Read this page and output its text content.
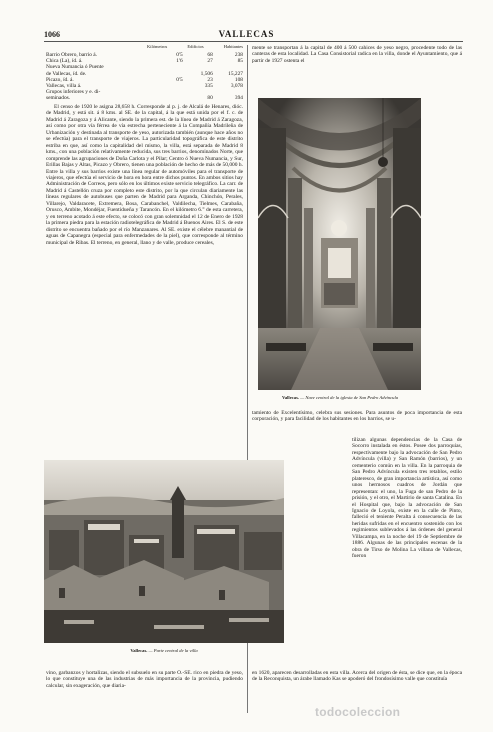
1066	VALLECAS
Kilómetros	Edificios	Habitantes
Barrio Obrero, barrio á.	0'5	68	238
Chica (La), íd. á.	1'6	27	85
Nueva Numancia ó Puente			
de Vallecas, íd. de.		1,506	15,227
Picazo, íd. á.	0'5	23	108
Vallecas, villa á.		335	3,078
Grupos inferiores y e. di-			
seminados.		80	394

El censo de 1920 le asigna 28,658 h. Corresponde al p. j. de Alcalá de Henares, dióc. de Madrid, y está sit. á 8 kms. al SE. de la capital, á la que está unida por el f. c. de Madrid á Zaragoza y á Alicante, siendo la primera est. de la línea de Madrid á Zaragoza, así como por otra vía férrea de vía estrecha perteneciente á la Compañía Madrileña de Urbanización y destinada al transporte de yeso, autorizada también (aunque hace años no se efectúa) para el transporte de viajeros. La particularidad topográfica de este distrito estriba en que, así como la capitalidad del mismo, la villa, está separada de Madrid 8 kms., con una población relativamente reducida, sus tres barrios, denominados Norte, que comprende las agrupaciones de Doña Carlota y el Pilar; Centro ó Nueva Numancia, y Sur, Erillas Bajas y Altas, Picazo y Obrero, tienen una población de hecho de más de 50,000 h. Entre la villa y sus barrios existe una línea regular de automóviles para el transporte de viajeros, que efectúa el servicio de hora en hora entre dichos puntos. En ambos sitios hay Administración de Correos, pero sólo en los últimos existe servicio telegráfico. La carr. de Madrid á Castellón cruza por completo este distrito, por la que circulan diariamente las líneas regulares de autobuses que parten de Madrid para Arganda, Chinchón, Perales, Villarejo, Valdaracete, Extremera, Bosa, Carabanchel, Valdilecha, Tielmes, Carabaña, Orusco, Ambite, Mondéjar, Fuentidueña y Tarancón. En el kilómetro 6.° de esta carretera, y en terreno acotado á este efecto, se colocó con gran solemnidad el 12 de Enero de 1928 la primera piedra para la estación radiotelegráfica de Madrid á Buenos Aires. El S. de este distrito se encuentra bañado por el río Manzanares. Al SE. existe el célebre manantial de aguas de Capanegra (especial para enfermedades de la piel), que corresponde al término municipal de Ribas. El terreno, en general, llano y de valle, produce cereales,

mente se transportan á la capital de 400 á 500 cahices de yeso negro, procedente todo de las canteras de esta localidad. La Casa Consistorial radica en la villa, donde el Ayuntamiento, que á partir de 1927 ostenta el

Vallecas. — Nave central de la iglesia de San Pedro Advíncula

tamiento de Excelentísimo, celebra sus sesiones. Para asuntos de poca importancia de esta corporación, y para facilidad de los habitantes en los barrios, se u-

Vallecas. — Parte central de la villa

tilizan algunas dependencias de la Casa de Socorro instalada en éstos. Posee dos parroquias, respectivamente bajo la advocación de San Pedro Advíncula (villa) y San Ramón (barrios), y un cementerio común en la villa. En la parroquia de San Pedro Advíncula existen tres retablos, estilo plateresco, de gran importancia artística, así como unos hermosos cuadros de Jordán que representan: el uno, la Fuga de san Pedro de la prisión, y el otro, el Martirio de santa Catalina. En el Hospital que, bajo la advocación de San Ignacio de Loyola, existe en la calle de Pinto, falleció el teniente Peralta á consecuencia de las heridas sufridas en el encuentro sostenido con los regimientos sublevados á las órdenes del general Villacampa, en la noche del 19 de Septiembre de 1886. Algunas de las principales escenas de la obra de Tirso de Molina La villana de Vallecas, fueron

vino, garbanzos y hortalizas, siendo el subsuelo en su parte O.-SE. rico en piedra de yeso, lo que constituye una de las industrias de más importancia de la provincia, pudiendo calcular, sin exageración, que diaria-

en 1620, aparecen desarrolladas en esta villa. Acerca del origen de ésta, se dice que, en la época de la Reconquista, un árabe llamado Kas se apoderó del frondosísimo valle que constituía

todocoleccion
